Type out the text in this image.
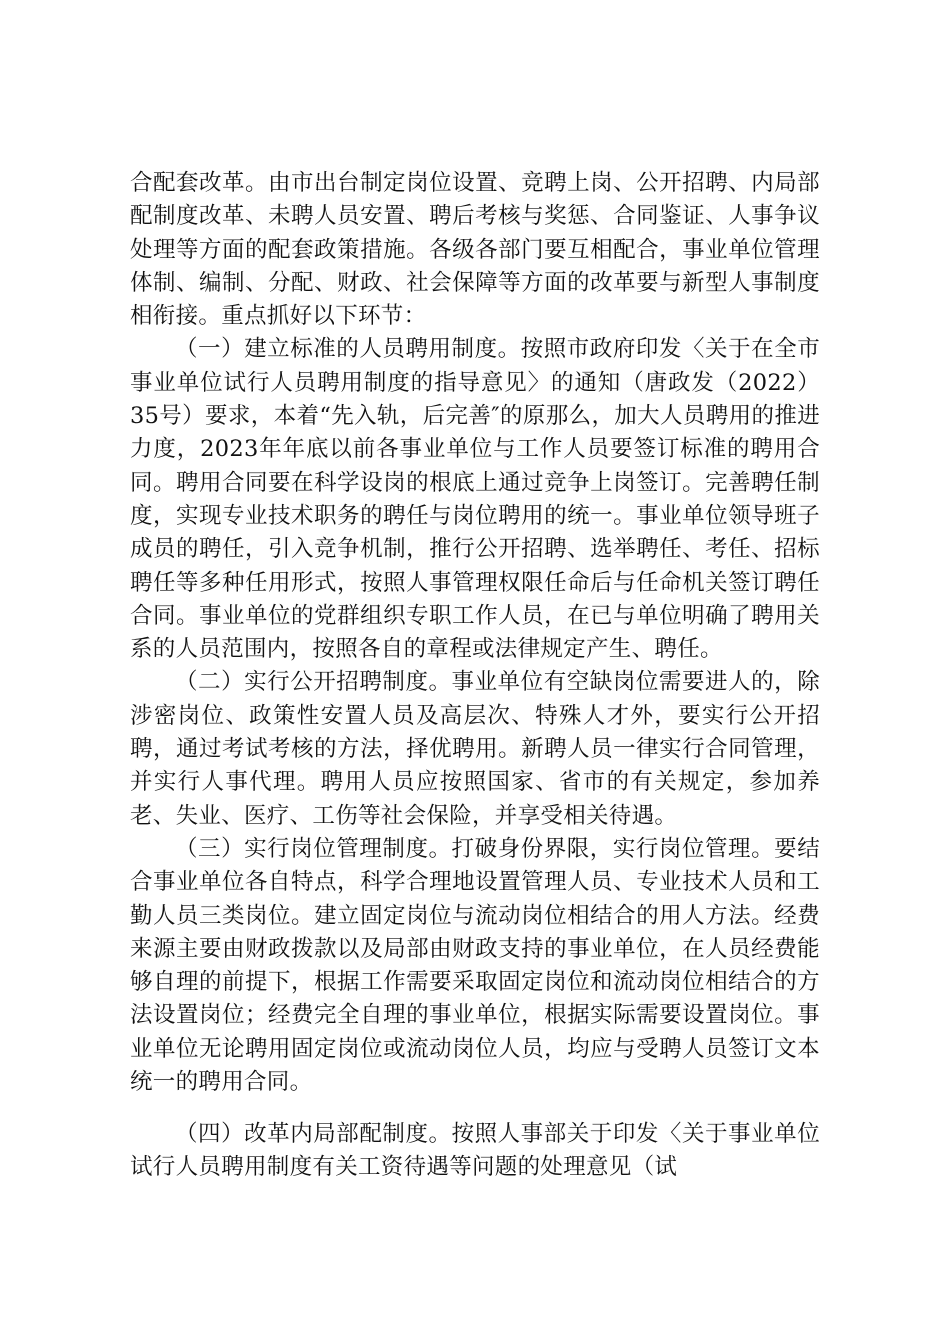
合配套改革。由市出台制定岗位设置、竞聘上岗、公开招聘、内局部配制度改革、未聘人员安置、聘后考核与奖惩、合同鉴证、人事争议处理等方面的配套政策措施。各级各部门要互相配合，事业单位管理体制、编制、分配、财政、社会保障等方面的改革要与新型人事制度相衔接。重点抓好以下环节：

（一）建立标准的人员聘用制度。按照市政府印发〈关于在全市事业单位试行人员聘用制度的指导意见〉的通知（唐政发（2022）35号）要求，本着“先入轨，后完善″的原那么，加大人员聘用的推进力度，2023年年底以前各事业单位与工作人员要签订标准的聘用合同。聘用合同要在科学设岗的根底上通过竞争上岗签订。完善聘任制度，实现专业技术职务的聘任与岗位聘用的统一。事业单位领导班子成员的聘任，引入竞争机制，推行公开招聘、选举聘任、考任、招标聘任等多种任用形式，按照人事管理权限任命后与任命机关签订聘任合同。事业单位的党群组织专职工作人员，在已与单位明确了聘用关系的人员范围内，按照各自的章程或法律规定产生、聘任。

（二）实行公开招聘制度。事业单位有空缺岗位需要进人的，除涉密岗位、政策性安置人员及高层次、特殊人才外，要实行公开招聘，通过考试考核的方法，择优聘用。新聘人员一律实行合同管理，并实行人事代理。聘用人员应按照国家、省市的有关规定，参加养老、失业、医疗、工伤等社会保险，并享受相关待遇。

（三）实行岗位管理制度。打破身份界限，实行岗位管理。要结合事业单位各自特点，科学合理地设置管理人员、专业技术人员和工勤人员三类岗位。建立固定岗位与流动岗位相结合的用人方法。经费来源主要由财政拨款以及局部由财政支持的事业单位，在人员经费能够自理的前提下，根据工作需要采取固定岗位和流动岗位相结合的方法设置岗位；经费完全自理的事业单位，根据实际需要设置岗位。事业单位无论聘用固定岗位或流动岗位人员，均应与受聘人员签订文本统一的聘用合同。

（四）改革内局部配制度。按照人事部关于印发〈关于事业单位试行人员聘用制度有关工资待遇等问题的处理意见（试
